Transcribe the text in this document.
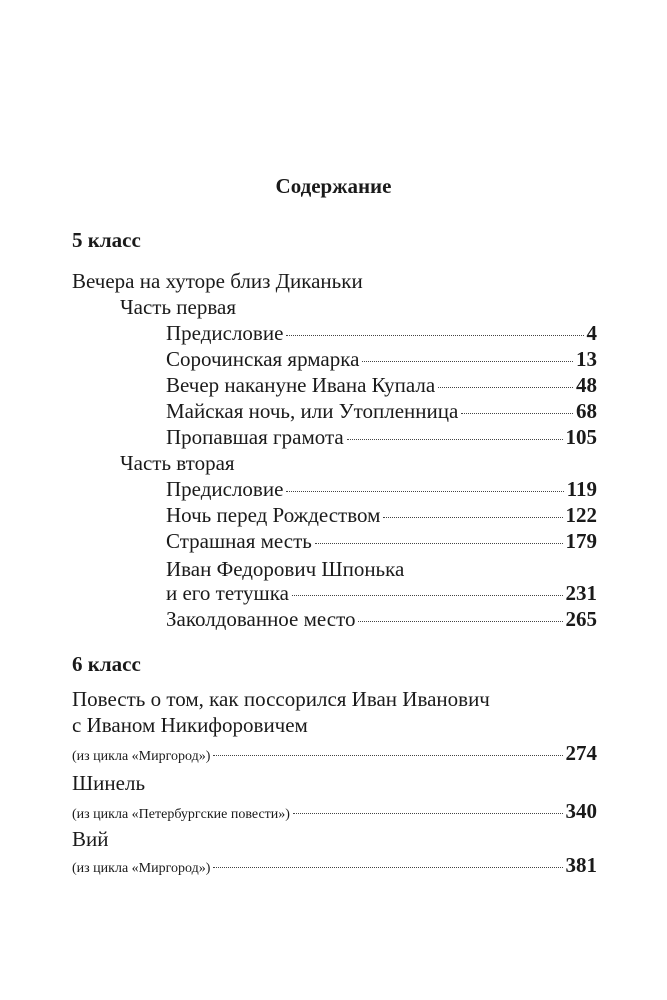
Содержание
5 класс
Вечера на хуторе близ Диканьки
Часть первая
Предисловие	4
Сорочинская ярмарка	13
Вечер накануне Ивана Купала	48
Майская ночь, или Утопленница	68
Пропавшая грамота	105
Часть вторая
Предисловие	119
Ночь перед Рождеством	122
Страшная месть	179
Иван Федорович Шпонька
и его тетушка	231
Заколдованное место	265
6 класс
Повесть о том, как поссорился Иван Иванович
с Иваном Никифоровичем
(из цикла «Миргород»)	274
Шинель
(из цикла «Петербургские повести»)	340
Вий
(из цикла «Миргород»)	381
